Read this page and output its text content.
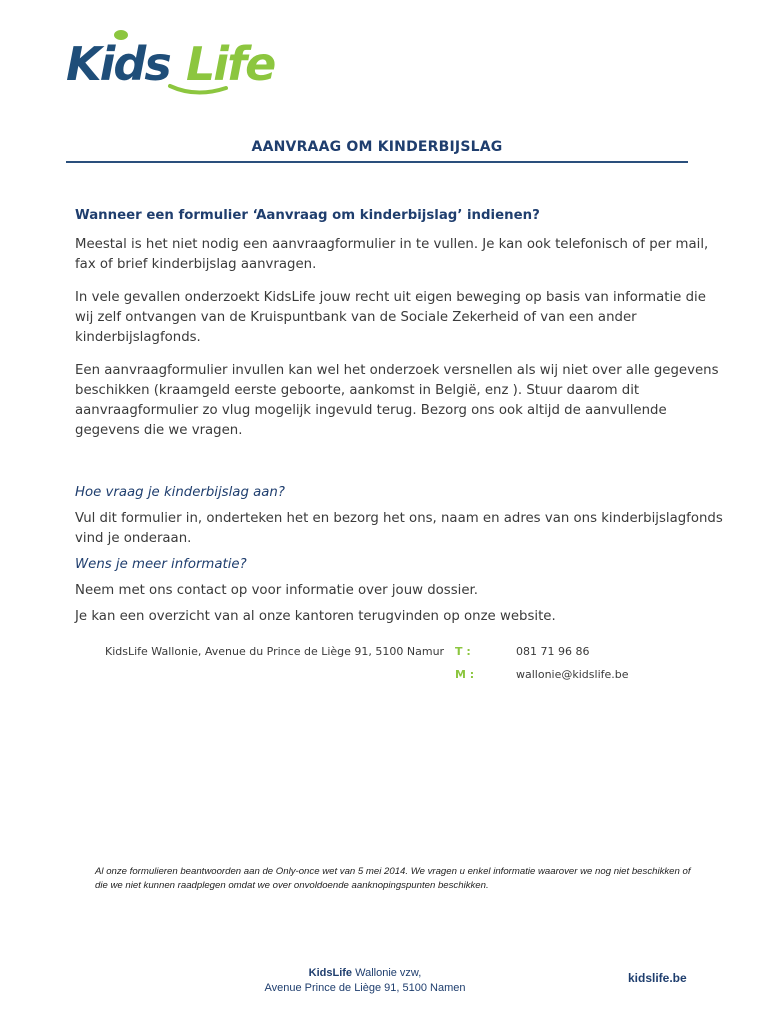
Kids Life
AANVRAAG OM KINDERBIJSLAG

Wanneer een formulier ‘Aanvraag om kinderbijslag’ indienen?

Meestal is het niet nodig een aanvraagformulier in te vullen. Je kan ook telefonisch of per mail, fax of brief kinderbijslag aanvragen.

In vele gevallen onderzoekt KidsLife jouw recht uit eigen beweging op basis van informatie die wij zelf ontvangen van de Kruispuntbank van de Sociale Zekerheid of van een ander kinderbijslagfonds.

Een aanvraagformulier invullen kan wel het onderzoek versnellen als wij niet over alle gegevens beschikken (kraamgeld eerste geboorte, aankomst in België, enz ). Stuur daarom dit aanvraagformulier zo vlug mogelijk ingevuld terug. Bezorg ons ook altijd de aanvullende gegevens die we vragen.

Hoe vraag je kinderbijslag aan?

Vul dit formulier in, onderteken het en bezorg het ons, naam en adres van ons kinderbijslagfonds vind je onderaan.

Wens je meer informatie?

Neem met ons contact op voor informatie over jouw dossier.

Je kan een overzicht van al onze kantoren terugvinden op onze website.

KidsLife Wallonie, Avenue du Prince de Liège 91, 5100 Namur T :	081 71 96 86
M :	wallonie@kidslife.be
Al onze formulieren beantwoorden aan de Only-once wet van 5 mei 2014. We vragen u enkel informatie waarover we nog niet beschikken of die we niet kunnen raadplegen omdat we over onvoldoende aanknopingspunten beschikken.
KidsLife Wallonie vzw,
Avenue Prince de Liège 91, 5100 Namen
kidslife.be
